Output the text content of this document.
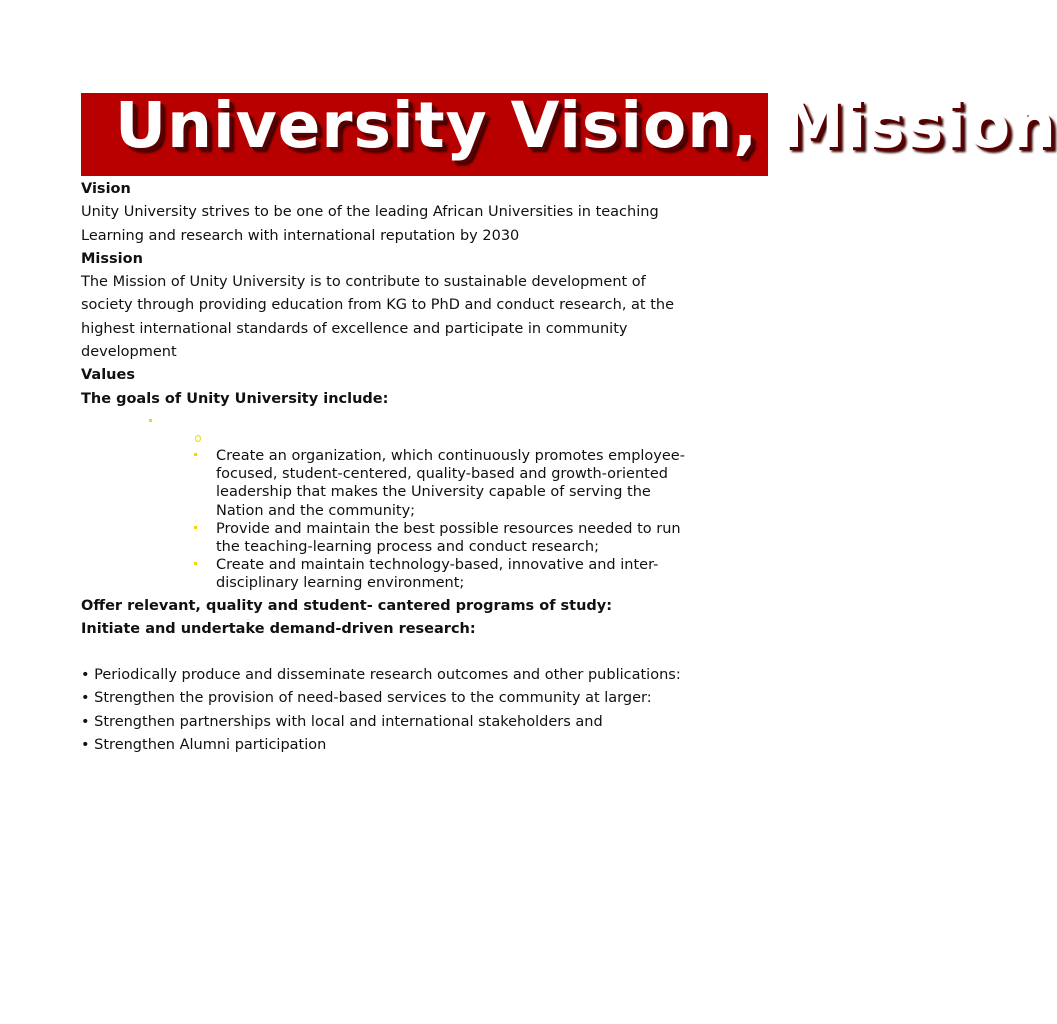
University Vision, Mission

Vision

Unity University strives to be one of the leading African Universities in teaching Learning and research with international reputation by 2030

Mission

The Mission of Unity University is to contribute to sustainable development of society through providing education from KG to PhD and conduct research, at the highest international standards of excellence and participate in community development

Values

The goals of Unity University include:

Create an organization, which continuously promotes employee-focused, student-centered, quality-based and growth-oriented leadership that makes the University capable of serving the Nation and the community;
Provide and maintain the best possible resources needed to run the teaching-learning process and conduct research;
Create and maintain technology-based, innovative and inter-disciplinary learning environment;

Offer relevant, quality and student- cantered programs of study:

Initiate and undertake demand-driven research:

• Periodically produce and disseminate research outcomes and other publications:

• Strengthen the provision of need-based services to the community at larger:

• Strengthen partnerships with local and international stakeholders and

• Strengthen Alumni participation
